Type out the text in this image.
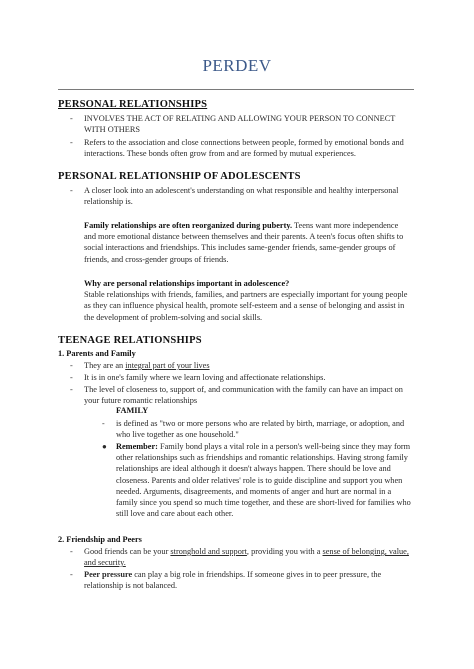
PERDEV
PERSONAL RELATIONSHIPS
- INVOLVES THE ACT OF RELATING AND ALLOWING YOUR PERSON TO CONNECT WITH OTHERS
- Refers to the association and close connections between people, formed by emotional bonds and interactions. These bonds often grow from and are formed by mutual experiences.
PERSONAL RELATIONSHIP OF ADOLESCENTS
- A closer look into an adolescent's understanding on what responsible and healthy interpersonal relationship is.
Family relationships are often reorganized during puberty. Teens want more independence and more emotional distance between themselves and their parents. A teen's focus often shifts to social interactions and friendships. This includes same-gender friends, same-gender groups of friends, and cross-gender groups of friends.
Why are personal relationships important in adolescence?
Stable relationships with friends, families, and partners are especially important for young people as they can influence physical health, promote self-esteem and a sense of belonging and assist in the development of problem-solving and social skills.
TEENAGE RELATIONSHIPS
1. Parents and Family
- They are an integral part of your lives
- It is in one's family where we learn loving and affectionate relationships.
- The level of closeness to, support of, and communication with the family can have an impact on your future romantic relationships
FAMILY
- is defined as "two or more persons who are related by birth, marriage, or adoption, and who live together as one household."
● Remember: Family bond plays a vital role in a person's well-being since they may form other relationships such as friendships and romantic relationships. Having strong family relationships are ideal although it doesn't always happen. There should be love and closeness. Parents and older relatives' role is to guide discipline and support you when needed. Arguments, disagreements, and moments of anger and hurt are normal in a family since you spend so much time together, and these are short-lived for families who still love and care about each other.
2. Friendship and Peers
- Good friends can be your stronghold and support, providing you with a sense of belonging, value, and security.
- Peer pressure can play a big role in friendships. If someone gives in to peer pressure, the relationship is not balanced.
